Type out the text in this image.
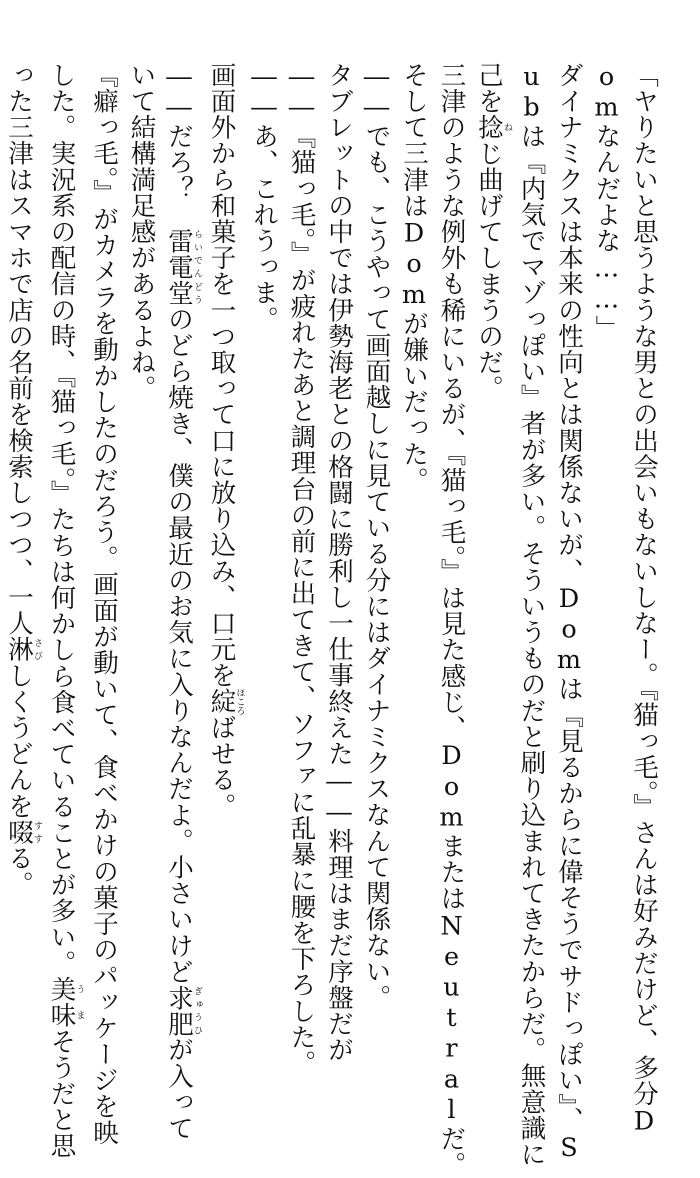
「ヤりたいと思うような男との出会いもないしなー。『猫っ毛。』さんは好みだけど、多分D
omなんだよな……」
ダイナミクスは本来の性向とは関係ないが、Domは『見るからに偉そうでサドっぽい』、S
ubは『内気でマゾっぽい』者が多い。そういうものだと刷り込まれてきたからだ。無意識に
己を捻ねじ曲げてしまうのだ。
三津のような例外も稀にいるが、『猫っ毛。』は見た感じ、DomまたはNeutralだ。
そして三津はDomが嫌いだった。
――でも、こうやって画面越しに見ている分にはダイナミクスなんて関係ない。
タブレットの中では伊勢海老との格闘に勝利し一仕事終えた――料理はまだ序盤だが
――『猫っ毛。』が疲れたあと調理台の前に出てきて、ソファに乱暴に腰を下ろした。
――あ、これうっま。
画面外から和菓子を一つ取って口に放り込み、口元を綻ほころばせる。
――だろ？　雷電堂らいでんどうのどら焼き、僕の最近のお気に入りなんだよ。小さいけど求肥ぎゅうひが入って
いて結構満足感があるよね。
『癖っ毛。』がカメラを動かしたのだろう。画面が動いて、食べかけの菓子のパッケージを映
した。実況系の配信の時、『猫っ毛。』たちは何かしら食べていることが多い。美味うまそうだと思
った三津はスマホで店の名前を検索しつつ、一人淋さびしくうどんを啜すする。
